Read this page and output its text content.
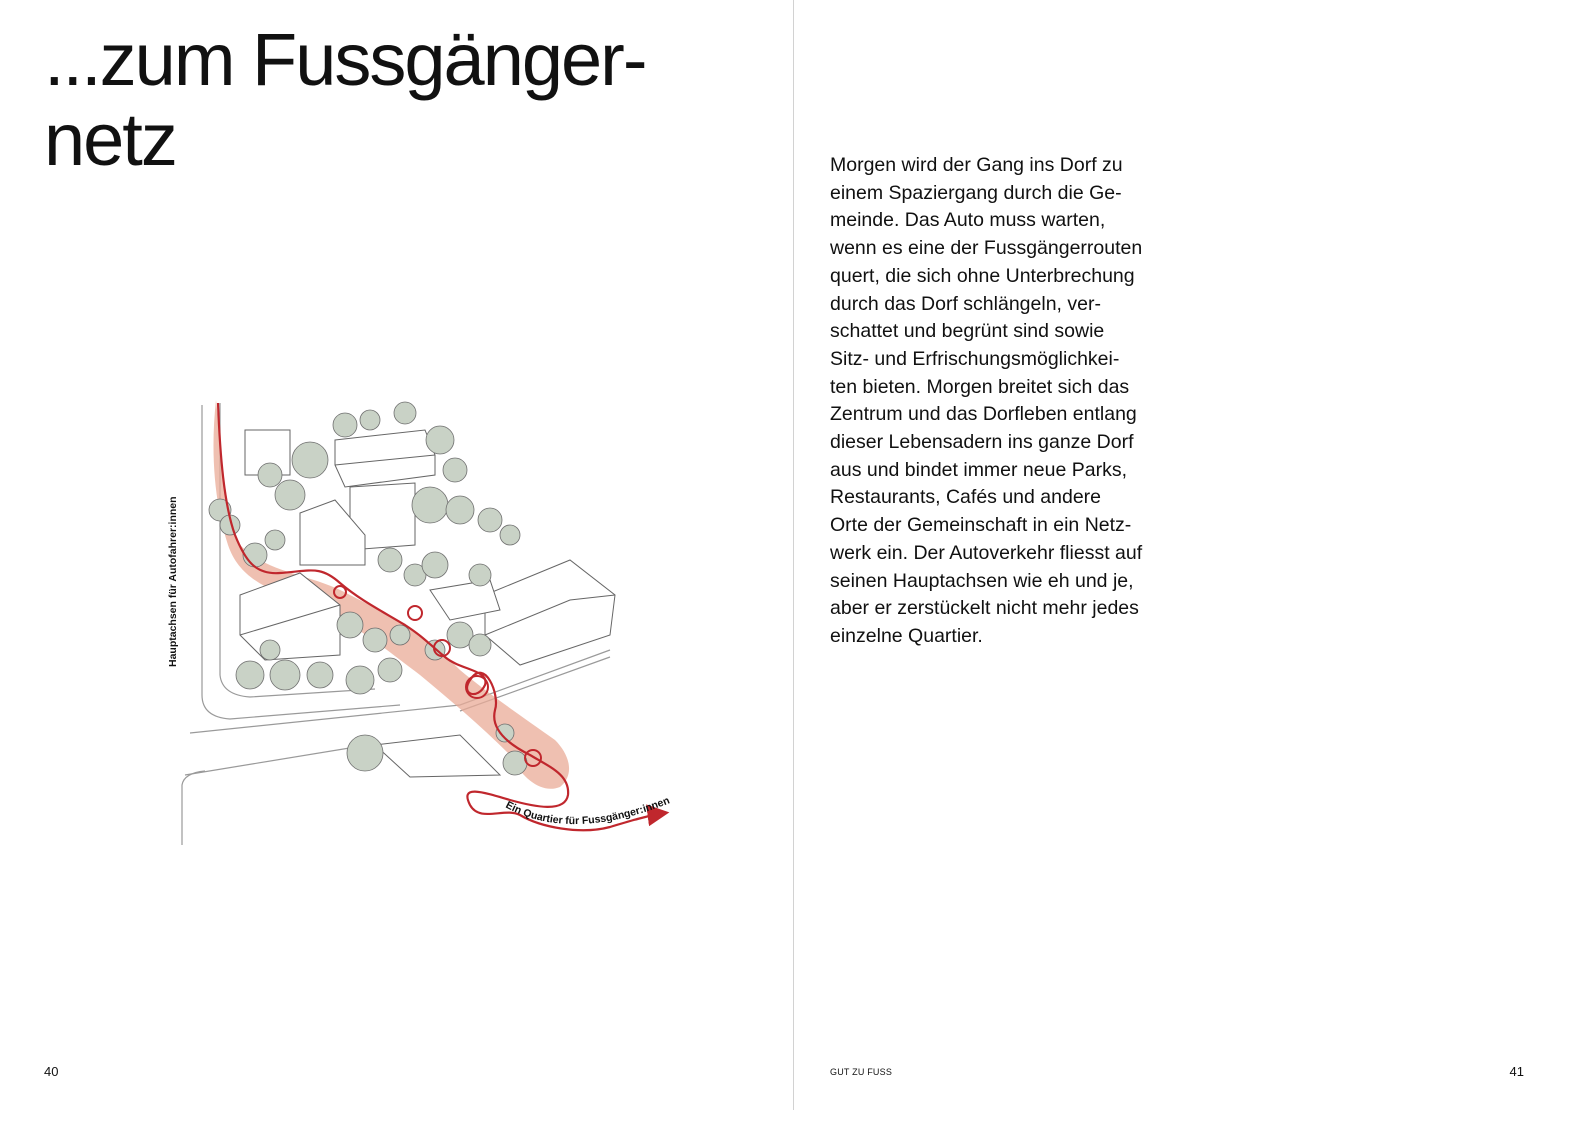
...zum Fussgänger-
netz
Hauptachsen für Autofahrer:innen
Ein Quartier für Fussgänger:innen
40

Morgen wird der Gang ins Dorf zu
einem Spaziergang durch die Ge-
meinde. Das Auto muss warten,
wenn es eine der Fussgängerrouten
quert, die sich ohne Unterbrechung
durch das Dorf schlängeln, ver-
schattet und begrünt sind sowie
Sitz- und Erfrischungsmöglichkei-
ten bieten. Morgen breitet sich das
Zentrum und das Dorfleben entlang
dieser Lebensadern ins ganze Dorf
aus und bindet immer neue Parks,
Restaurants, Cafés und andere
Orte der Gemeinschaft in ein Netz-
werk ein. Der Autoverkehr fliesst auf
seinen Hauptachsen wie eh und je,
aber er zerstückelt nicht mehr jedes
einzelne Quartier.

GUT ZU FUSS	41
